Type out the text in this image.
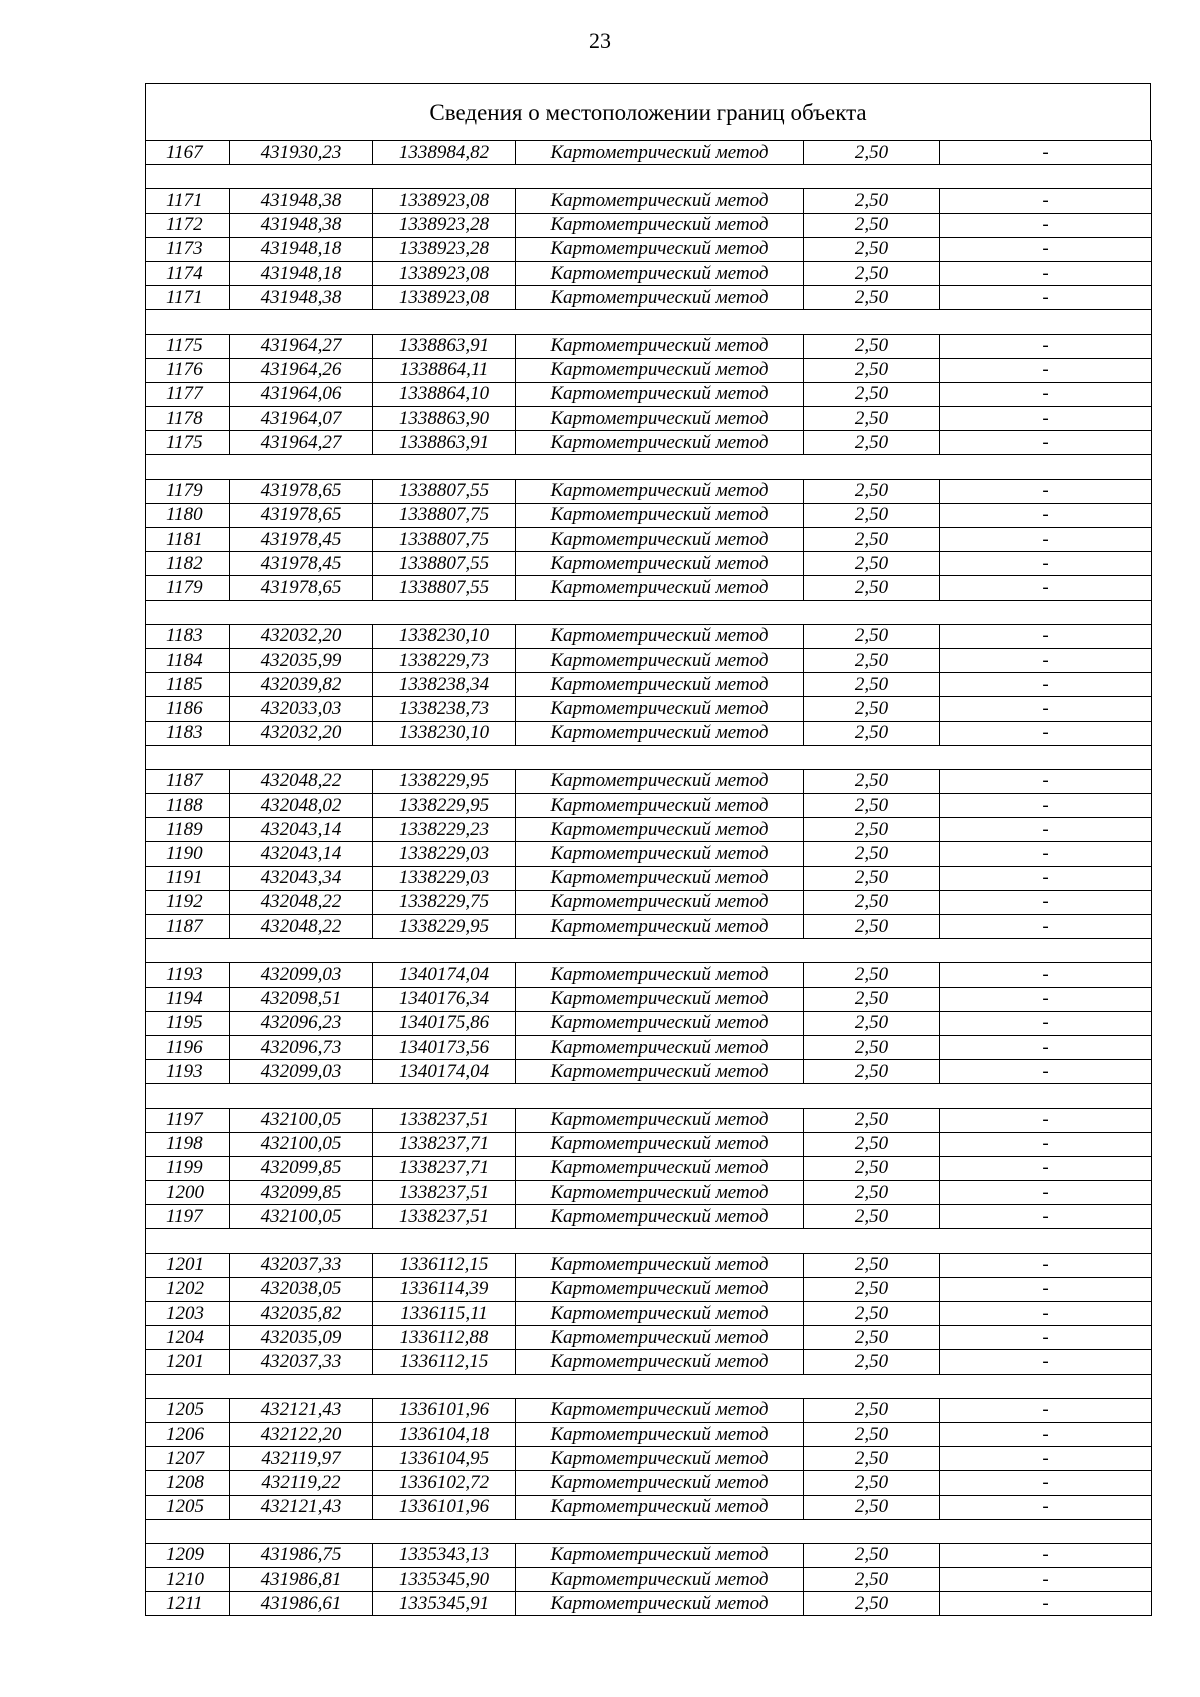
23
Сведения о местоположении границ объекта
1167	431930,23	1338984,82	Картометрический метод	2,50	-

1171	431948,38	1338923,08	Картометрический метод	2,50	-
1172	431948,38	1338923,28	Картометрический метод	2,50	-
1173	431948,18	1338923,28	Картометрический метод	2,50	-
1174	431948,18	1338923,08	Картометрический метод	2,50	-
1171	431948,38	1338923,08	Картометрический метод	2,50	-

1175	431964,27	1338863,91	Картометрический метод	2,50	-
1176	431964,26	1338864,11	Картометрический метод	2,50	-
1177	431964,06	1338864,10	Картометрический метод	2,50	-
1178	431964,07	1338863,90	Картометрический метод	2,50	-
1175	431964,27	1338863,91	Картометрический метод	2,50	-

1179	431978,65	1338807,55	Картометрический метод	2,50	-
1180	431978,65	1338807,75	Картометрический метод	2,50	-
1181	431978,45	1338807,75	Картометрический метод	2,50	-
1182	431978,45	1338807,55	Картометрический метод	2,50	-
1179	431978,65	1338807,55	Картометрический метод	2,50	-

1183	432032,20	1338230,10	Картометрический метод	2,50	-
1184	432035,99	1338229,73	Картометрический метод	2,50	-
1185	432039,82	1338238,34	Картометрический метод	2,50	-
1186	432033,03	1338238,73	Картометрический метод	2,50	-
1183	432032,20	1338230,10	Картометрический метод	2,50	-

1187	432048,22	1338229,95	Картометрический метод	2,50	-
1188	432048,02	1338229,95	Картометрический метод	2,50	-
1189	432043,14	1338229,23	Картометрический метод	2,50	-
1190	432043,14	1338229,03	Картометрический метод	2,50	-
1191	432043,34	1338229,03	Картометрический метод	2,50	-
1192	432048,22	1338229,75	Картометрический метод	2,50	-
1187	432048,22	1338229,95	Картометрический метод	2,50	-

1193	432099,03	1340174,04	Картометрический метод	2,50	-
1194	432098,51	1340176,34	Картометрический метод	2,50	-
1195	432096,23	1340175,86	Картометрический метод	2,50	-
1196	432096,73	1340173,56	Картометрический метод	2,50	-
1193	432099,03	1340174,04	Картометрический метод	2,50	-

1197	432100,05	1338237,51	Картометрический метод	2,50	-
1198	432100,05	1338237,71	Картометрический метод	2,50	-
1199	432099,85	1338237,71	Картометрический метод	2,50	-
1200	432099,85	1338237,51	Картометрический метод	2,50	-
1197	432100,05	1338237,51	Картометрический метод	2,50	-

1201	432037,33	1336112,15	Картометрический метод	2,50	-
1202	432038,05	1336114,39	Картометрический метод	2,50	-
1203	432035,82	1336115,11	Картометрический метод	2,50	-
1204	432035,09	1336112,88	Картометрический метод	2,50	-
1201	432037,33	1336112,15	Картометрический метод	2,50	-

1205	432121,43	1336101,96	Картометрический метод	2,50	-
1206	432122,20	1336104,18	Картометрический метод	2,50	-
1207	432119,97	1336104,95	Картометрический метод	2,50	-
1208	432119,22	1336102,72	Картометрический метод	2,50	-
1205	432121,43	1336101,96	Картометрический метод	2,50	-

1209	431986,75	1335343,13	Картометрический метод	2,50	-
1210	431986,81	1335345,90	Картометрический метод	2,50	-
1211	431986,61	1335345,91	Картометрический метод	2,50	-
